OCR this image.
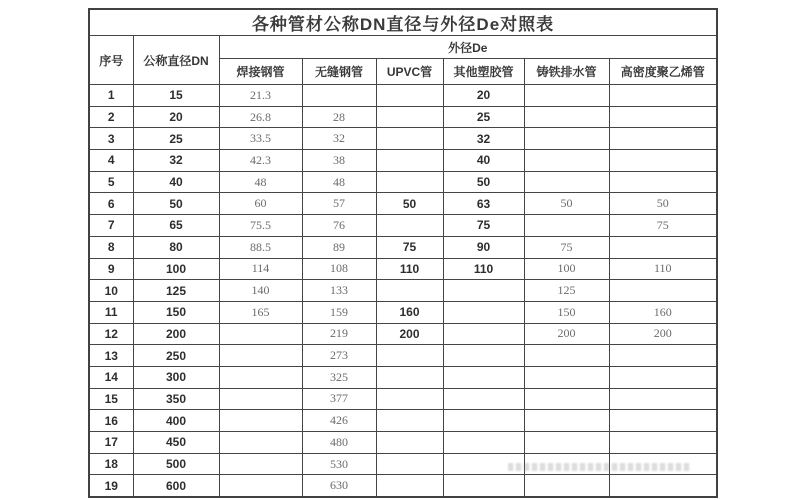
各种管材公称DN直径与外径De对照表							
序号	公称直径DN	外径De					
		焊接钢管	无缝钢管	UPVC管	其他塑胶管	铸铁排水管	高密度聚乙烯管
1	15	21.3			20		
2	20	26.8	28		25		
3	25	33.5	32		32		
4	32	42.3	38		40		
5	40	48	48		50		
6	50	60	57	50	63	50	50
7	65	75.5	76		75		75
8	80	88.5	89	75	90	75	
9	100	114	108	110	110	100	110
10	125	140	133			125	
11	150	165	159	160		150	160
12	200		219	200		200	200
13	250		273				
14	300		325				
15	350		377				
16	400		426				
17	450		480				
18	500		530				
19	600		630				
